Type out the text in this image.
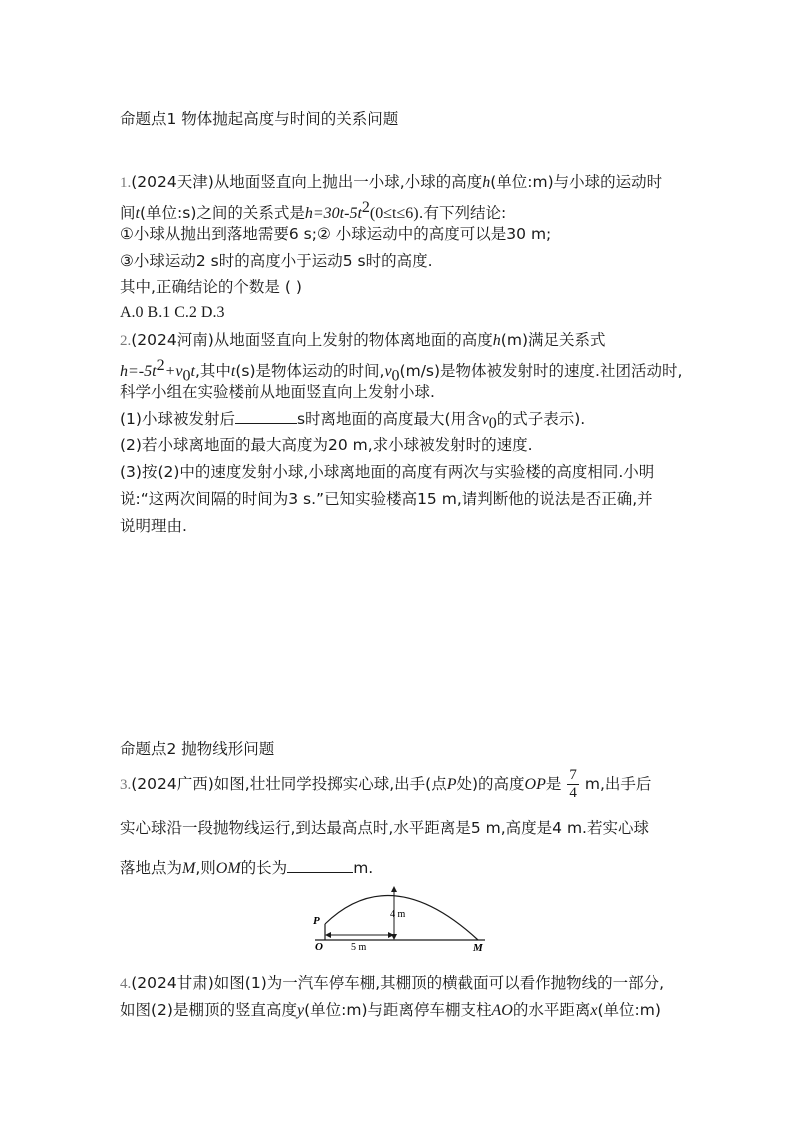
命题点1 物体抛起高度与时间的关系问题
1.(2024天津)从地面竖直向上抛出一小球,小球的高度h(单位:m)与小球的运动时
间t(单位:s)之间的关系式是$h=30t-5t^2(0\le t\le 6)$.有下列结论:
①小球从抛出到落地需要6 s;② 小球运动中的高度可以是30 m;
③小球运动2 s时的高度小于运动5 s时的高度.
其中,正确结论的个数是 ( )
A.0 B.1 C.2 D.3
2.(2024河南)从地面竖直向上发射的物体离地面的高度h(m)满足关系式
$h=-5t^2+v_0t$,其中t(s)是物体运动的时间$,v_0(m/s)$是物体被发射时的速度.社团活动时,
科学小组在实验楼前从地面竖直向上发射小球.
(1)小球被发射后	s时离地面的高度最大(用含$v_0$的式子表示).
(2)若小球离地面的最大高度为20 m,求小球被发射时的速度.
(3)按(2)中的速度发射小球,小球离地面的高度有两次与实验楼的高度相同.小明
说:“这两次间隔的时间为3 s.”已知实验楼高15 m,请判断他的说法是否正确,并
说明理由.
命题点2 抛物线形问题
3.(2024广西)如图,壮壮同学投掷实心球,出手(点P处)的高度OP是 $\frac{7}{4} m$,出手后
实心球沿一段抛物线运行,到达最高点时,水平距离是5 m,高度是4 m.若实心球
落地点为M,则OM的长为	m.
P
O	M
4 m
5 m
4.(2024甘肃)如图(1)为一汽车停车棚,其棚顶的横截面可以看作抛物线的一部分,
如图(2)是棚顶的竖直高度y(单位:m)与距离停车棚支柱AO的水平距离x(单位:m)
